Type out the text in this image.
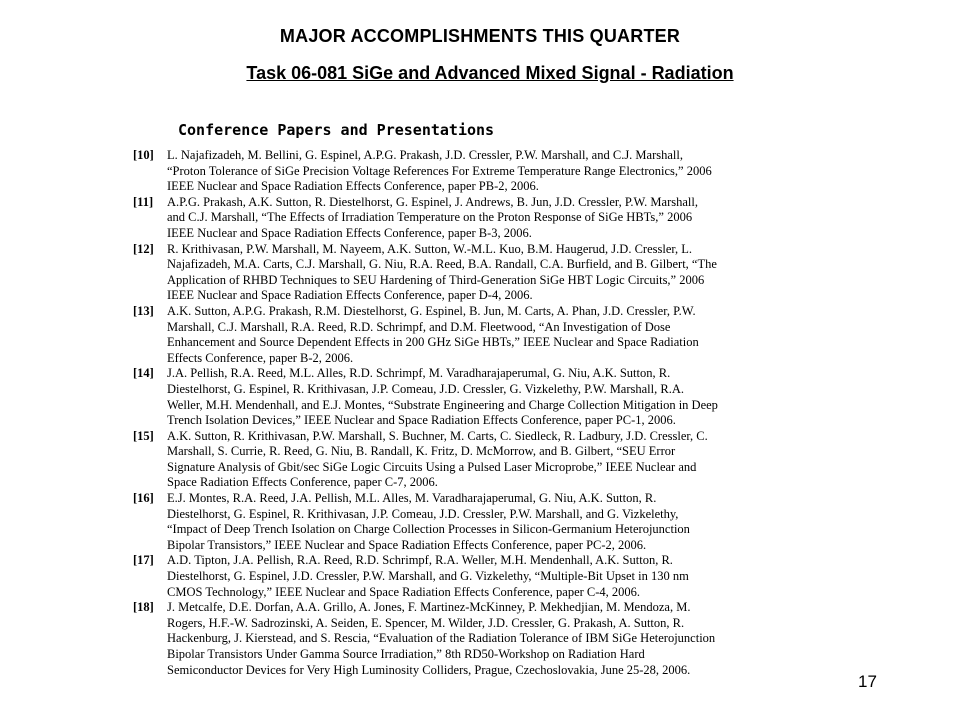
MAJOR ACCOMPLISHMENTS THIS QUARTER
Task 06-081 SiGe and Advanced Mixed Signal - Radiation
Conference Papers and Presentations
[10]	L. Najafizadeh, M. Bellini, G. Espinel, A.P.G. Prakash, J.D. Cressler, P.W. Marshall, and C.J. Marshall,
“Proton Tolerance of SiGe Precision Voltage References For Extreme Temperature Range Electronics,” 2006
IEEE Nuclear and Space Radiation Effects Conference, paper PB-2, 2006.
[11]	A.P.G. Prakash, A.K. Sutton, R. Diestelhorst, G. Espinel, J. Andrews, B. Jun, J.D. Cressler, P.W. Marshall,
and C.J. Marshall, “The Effects of Irradiation Temperature on the Proton Response of SiGe HBTs,” 2006
IEEE Nuclear and Space Radiation Effects Conference, paper B-3, 2006.
[12]	R. Krithivasan, P.W. Marshall, M. Nayeem, A.K. Sutton, W.-M.L. Kuo, B.M. Haugerud, J.D. Cressler, L.
Najafizadeh, M.A. Carts, C.J. Marshall, G. Niu, R.A. Reed, B.A. Randall, C.A. Burfield, and B. Gilbert, “The
Application of RHBD Techniques to SEU Hardening of Third-Generation SiGe HBT Logic Circuits,” 2006
IEEE Nuclear and Space Radiation Effects Conference, paper D-4, 2006.
[13]	A.K. Sutton, A.P.G. Prakash, R.M. Diestelhorst, G. Espinel, B. Jun, M. Carts, A. Phan, J.D. Cressler, P.W.
Marshall, C.J. Marshall, R.A. Reed, R.D. Schrimpf, and D.M. Fleetwood, “An Investigation of Dose
Enhancement and Source Dependent Effects in 200 GHz SiGe HBTs,” IEEE Nuclear and Space Radiation
Effects Conference, paper B-2, 2006.
[14]	J.A. Pellish, R.A. Reed, M.L. Alles, R.D. Schrimpf, M. Varadharajaperumal, G. Niu, A.K. Sutton, R.
Diestelhorst, G. Espinel, R. Krithivasan, J.P. Comeau, J.D. Cressler, G. Vizkelethy, P.W. Marshall, R.A.
Weller, M.H. Mendenhall, and E.J. Montes, “Substrate Engineering and Charge Collection Mitigation in Deep
Trench Isolation Devices,” IEEE Nuclear and Space Radiation Effects Conference, paper PC-1, 2006.
[15]	A.K. Sutton, R. Krithivasan, P.W. Marshall, S. Buchner, M. Carts, C. Siedleck, R. Ladbury, J.D. Cressler, C.
Marshall, S. Currie, R. Reed, G. Niu, B. Randall, K. Fritz, D. McMorrow, and B. Gilbert, “SEU Error
Signature Analysis of Gbit/sec SiGe Logic Circuits Using a Pulsed Laser Microprobe,” IEEE Nuclear and
Space Radiation Effects Conference, paper C-7, 2006.
[16]	E.J. Montes, R.A. Reed, J.A. Pellish, M.L. Alles, M. Varadharajaperumal, G. Niu, A.K. Sutton, R.
Diestelhorst, G. Espinel, R. Krithivasan, J.P. Comeau, J.D. Cressler, P.W. Marshall, and G. Vizkelethy,
“Impact of Deep Trench Isolation on Charge Collection Processes in Silicon-Germanium Heterojunction
Bipolar Transistors,” IEEE Nuclear and Space Radiation Effects Conference, paper PC-2, 2006.
[17]	A.D. Tipton, J.A. Pellish, R.A. Reed, R.D. Schrimpf, R.A. Weller, M.H. Mendenhall, A.K. Sutton, R.
Diestelhorst, G. Espinel, J.D. Cressler, P.W. Marshall, and G. Vizkelethy, “Multiple-Bit Upset in 130 nm
CMOS Technology,” IEEE Nuclear and Space Radiation Effects Conference, paper C-4, 2006.
[18]	J. Metcalfe, D.E. Dorfan, A.A. Grillo, A. Jones, F. Martinez-McKinney, P. Mekhedjian, M. Mendoza, M.
Rogers, H.F.-W. Sadrozinski, A. Seiden, E. Spencer, M. Wilder, J.D. Cressler, G. Prakash, A. Sutton, R.
Hackenburg, J. Kierstead, and S. Rescia, “Evaluation of the Radiation Tolerance of IBM SiGe Heterojunction
Bipolar Transistors Under Gamma Source Irradiation,” 8th RD50-Workshop on Radiation Hard
Semiconductor Devices for Very High Luminosity Colliders, Prague, Czechoslovakia, June 25-28, 2006.
17
